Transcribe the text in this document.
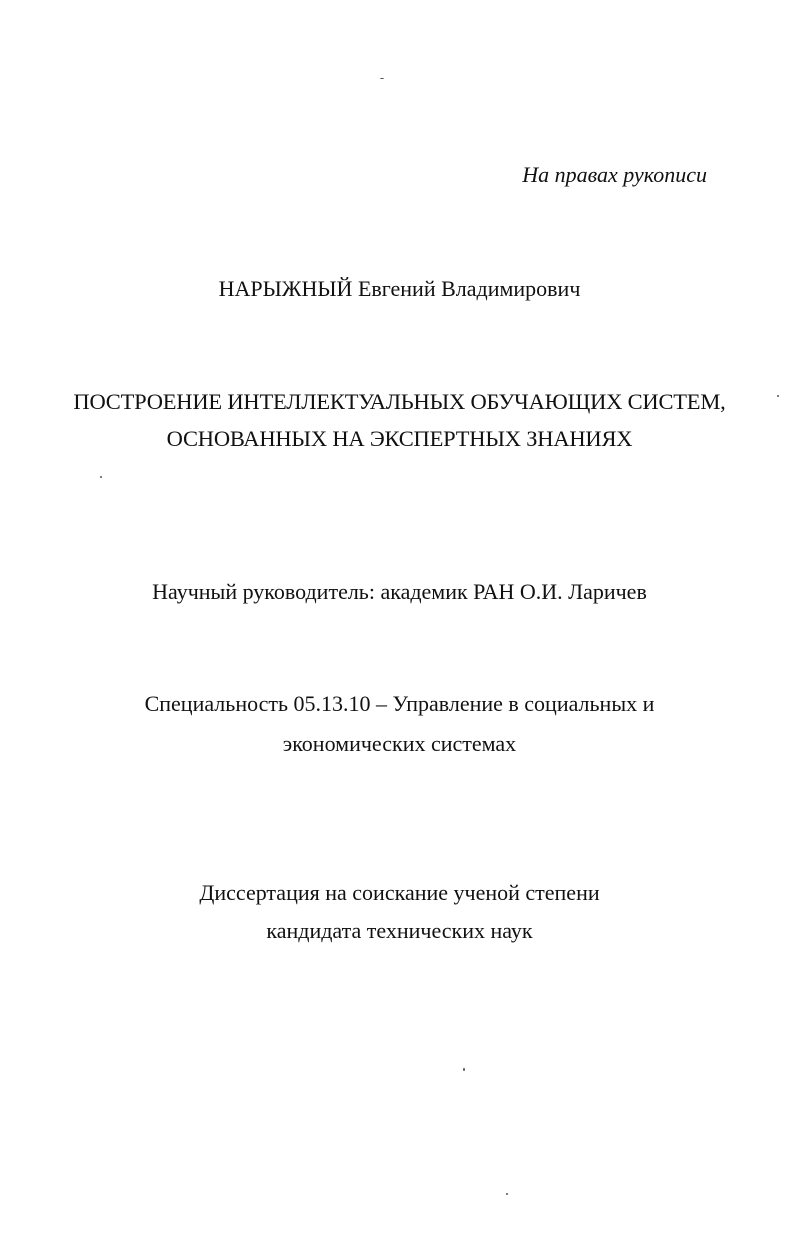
На правах рукописи
НАРЫЖНЫЙ Евгений Владимирович
ПОСТРОЕНИЕ ИНТЕЛЛЕКТУАЛЬНЫХ ОБУЧАЮЩИХ СИСТЕМ,
ОСНОВАННЫХ НА ЭКСПЕРТНЫХ ЗНАНИЯХ
Научный руководитель: академик РАН О.И. Ларичев
Специальность 05.13.10 – Управление в социальных и
экономических системах
Диссертация на соискание ученой степени
кандидата технических наук
